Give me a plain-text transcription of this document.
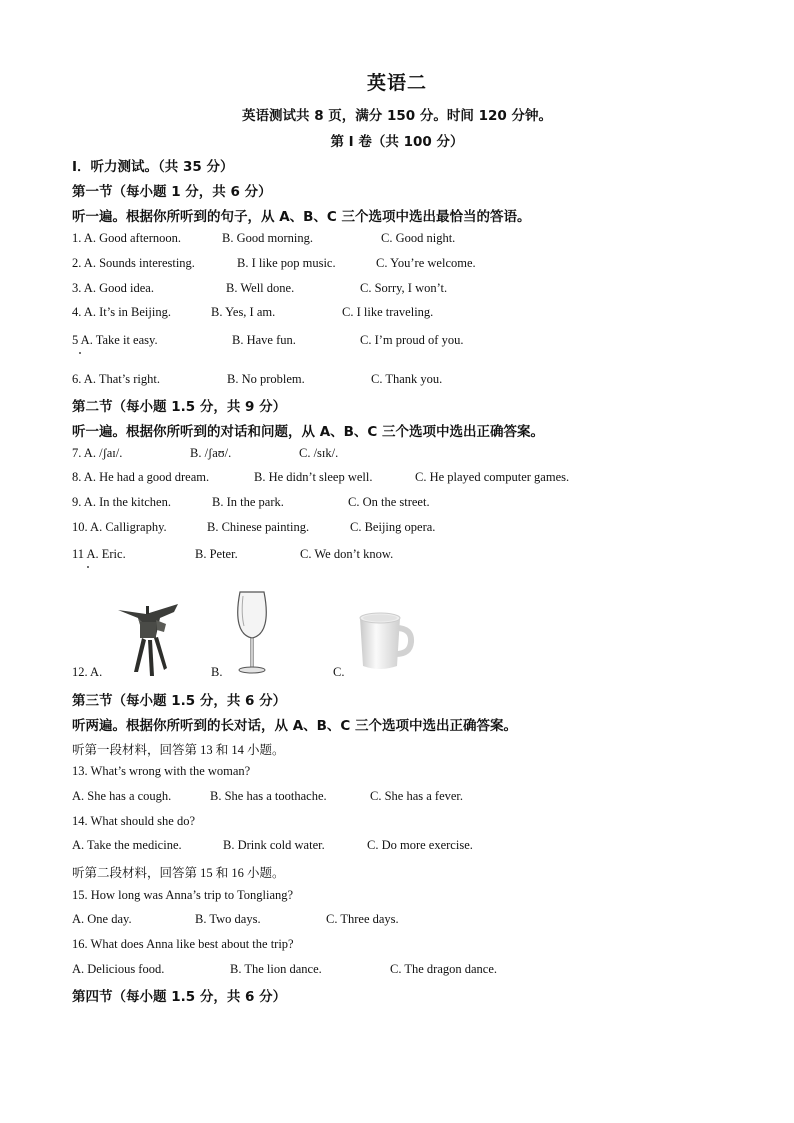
英语二
英语测试共 8 页，满分 150 分。时间 120 分钟。
第 I 卷（共 100 分）
Ⅰ．听力测试。（共 35 分）
第一节（每小题 1 分，共 6 分）
听一遍。根据你所听到的句子，从 A、B、C 三个选项中选出最恰当的答语。
1. A. Good afternoon.	B. Good morning.	C. Good night.
2. A. Sounds interesting.	B. I like pop music.	C. You’re welcome.
3. A. Good idea.	B. Well done.	C. Sorry, I won’t.
4. A. It’s in Beijing.	B. Yes, I am.	C. I like traveling.
5 A. Take it easy.	B. Have fun.	C. I’m proud of you.
6. A. That’s right.	B. No problem.	C. Thank you.
第二节（每小题 1.5 分，共 9 分）
听一遍。根据你所听到的对话和问题，从 A、B、C 三个选项中选出正确答案。
7. A. /ʃaɪ/.	B. /ʃaʊ/.	C. /sɪk/.
8. A. He had a good dream.	B. He didn’t sleep well.	C. He played computer games.
9. A. In the kitchen.	B. In the park.	C. On the street.
10. A. Calligraphy.	B. Chinese painting.	C. Beijing opera.
11 A. Eric.	B. Peter.	C. We don’t know.
12. A.	B.	C.
第三节（每小题 1.5 分，共 6 分）
听两遍。根据你所听到的长对话，从 A、B、C 三个选项中选出正确答案。
听第一段材料，回答第 13 和 14 小题。
13. What’s wrong with the woman?
A. She has a cough.	B. She has a toothache.	C. She has a fever.
14. What should she do?
A. Take the medicine.	B. Drink cold water.	C. Do more exercise.
听第二段材料，回答第 15 和 16 小题。
15. How long was Anna’s trip to Tongliang?
A. One day.	B. Two days.	C. Three days.
16. What does Anna like best about the trip?
A. Delicious food.	B. The lion dance.	C. The dragon dance.
第四节（每小题 1.5 分，共 6 分）
